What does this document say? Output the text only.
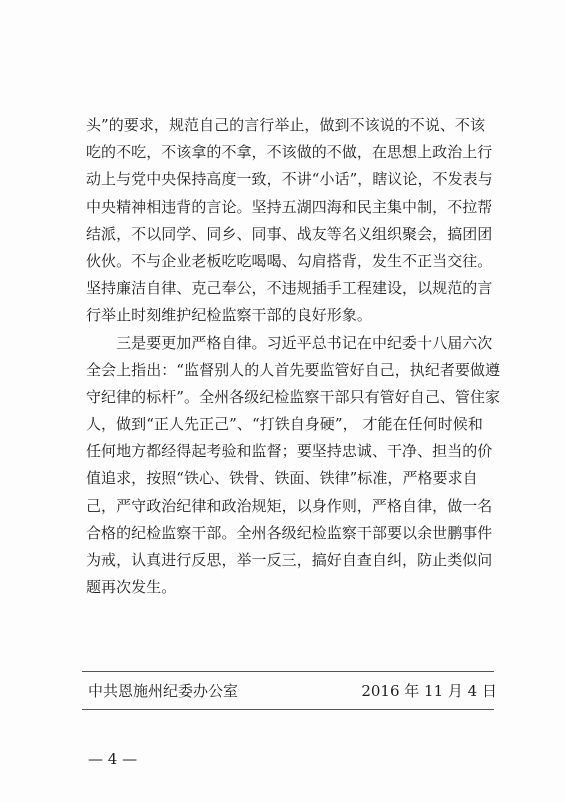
头”的要求，规范自己的言行举止，做到不该说的不说、不该
吃的不吃，不该拿的不拿，不该做的不做，在思想上政治上行
动上与党中央保持高度一致，不讲“小话”，瞎议论，不发表与
中央精神相违背的言论。坚持五湖四海和民主集中制，不拉帮
结派，不以同学、同乡、同事、战友等名义组织聚会，搞团团
伙伙。不与企业老板吃吃喝喝、勾肩搭背，发生不正当交往。
坚持廉洁自律、克己奉公，不违规插手工程建设，以规范的言
行举止时刻维护纪检监察干部的良好形象。
　　三是要更加严格自律。习近平总书记在中纪委十八届六次
全会上指出：“监督别人的人首先要监管好自己，执纪者要做遵
守纪律的标杆”。全州各级纪检监察干部只有管好自己、管住家
人，做到“正人先正己”、“打铁自身硬”， 才能在任何时候和
任何地方都经得起考验和监督；要坚持忠诚、干净、担当的价
值追求，按照“铁心、铁骨、铁面、铁律”标准，严格要求自
己，严守政治纪律和政治规矩，以身作则，严格自律，做一名
合格的纪检监察干部。全州各级纪检监察干部要以余世鹏事件
为戒，认真进行反思，举一反三，搞好自查自纠，防止类似问
题再次发生。
中共恩施州纪委办公室	2016 年 11 月 4 日
— 4 —
